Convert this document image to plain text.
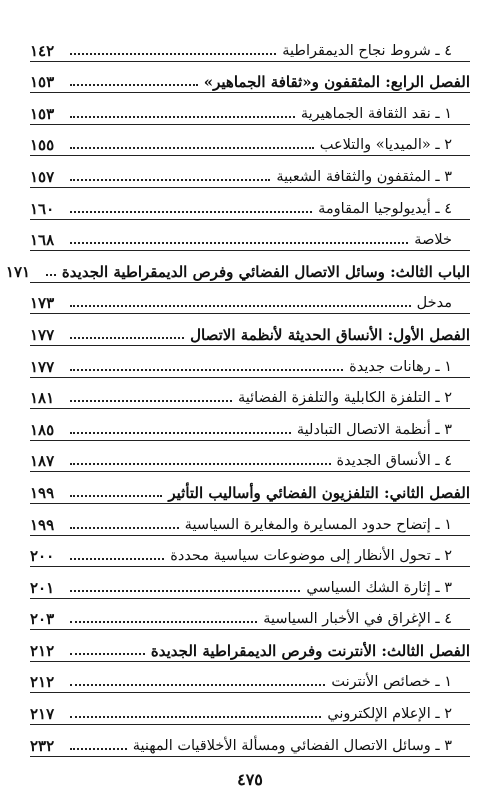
٤ ـ شروط نجاح الديمقراطية
١٤٢
الفصل الرابع: المثقفون و«ثقافة الجماهير»
١٥٣
١ ـ نقد الثقافة الجماهيرية
١٥٣
٢ ـ «الميديا» والتلاعب
١٥٥
٣ ـ المثقفون والثقافة الشعبية
١٥٧
٤ ـ أيديولوجيا المقاومة
١٦٠
خلاصة
١٦٨
الباب الثالث: وسائل الاتصال الفضائي وفرص الديمقراطية الجديدة
١٧١
مدخل
١٧٣
الفصل الأول: الأنساق الحديثة لأنظمة الاتصال
١٧٧
١ ـ رهانات جديدة
١٧٧
٢ ـ التلفزة الكابلية والتلفزة الفضائية
١٨١
٣ ـ أنظمة الاتصال التبادلية
١٨٥
٤ ـ الأنساق الجديدة
١٨٧
الفصل الثاني: التلفزيون الفضائي وأساليب التأثير
١٩٩
١ ـ إتضاح حدود المسايرة والمغايرة السياسية
١٩٩
٢ ـ تحول الأنظار إلى موضوعات سياسية محددة
٢٠٠
٣ ـ إثارة الشك السياسي
٢٠١
٤ ـ الإغراق في الأخبار السياسية
٢٠٣
الفصل الثالث: الأنترنت وفرص الديمقراطية الجديدة
٢١٢
١ ـ خصائص الأنترنت
٢١٢
٢ ـ الإعلام الإلكتروني
٢١٧
٣ ـ وسائل الاتصال الفضائي ومسألة الأخلاقيات المهنية
٢٣٢
٤٧٥
